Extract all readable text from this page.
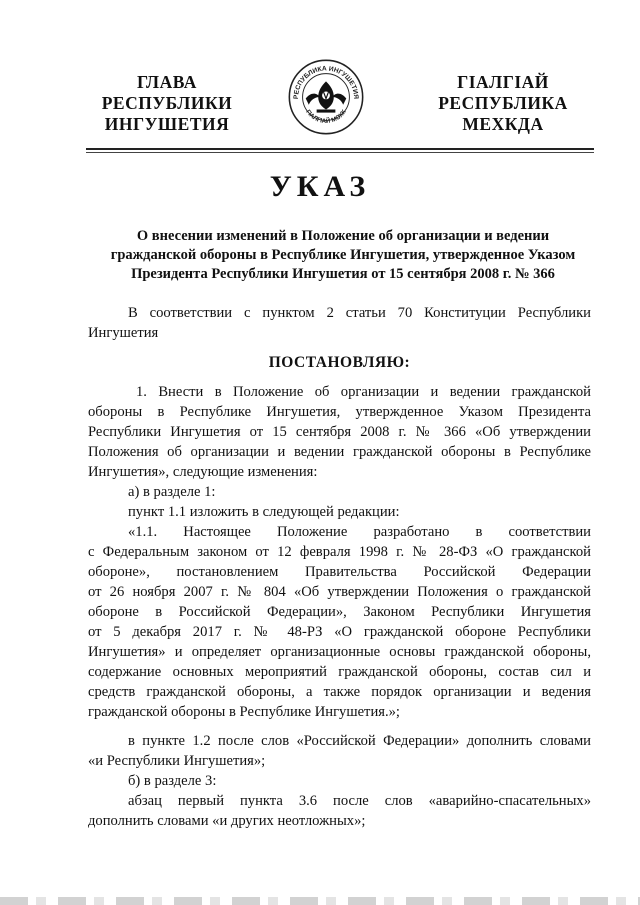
ГЛАВА
РЕСПУБЛИКИ
ИНГУШЕТИЯ
РЕСПУБЛИКА ИНГУШЕТИЯ
ГIАЛГIАЙ МОХК
ГIАЛГIАЙ
РЕСПУБЛИКА
МЕХКДА
УКАЗ
О внесении изменений в Положение об организации и ведении
гражданской обороны в Республике Ингушетия, утвержденное Указом
Президента Республики Ингушетия от 15 сентября 2008 г. № 366
В соответствии с пунктом 2 статьи 70 Конституции Республики
Ингушетия
ПОСТАНОВЛЯЮ:
1. Внести в Положение об организации и ведении гражданской
обороны в Республике Ингушетия, утвержденное Указом Президента
Республики Ингушетия от 15 сентября 2008 г. № 366 «Об утверждении
Положения об организации и ведении гражданской обороны в Республике
Ингушетия», следующие изменения:
а) в разделе 1:
пункт 1.1 изложить в следующей редакции:
«1.1. Настоящее Положение разработано в соответствии
с Федеральным законом от 12 февраля 1998 г. № 28-ФЗ «О гражданской
обороне», постановлением Правительства Российской Федерации
от 26 ноября 2007 г. № 804 «Об утверждении Положения о гражданской
обороне в Российской Федерации», Законом Республики Ингушетия
от 5 декабря 2017 г. № 48-РЗ «О гражданской обороне Республики
Ингушетия» и определяет организационные основы гражданской обороны,
содержание основных мероприятий гражданской обороны, состав сил и
средств гражданской обороны, а также порядок организации и ведения
гражданской обороны в Республике Ингушетия.»;
в пункте 1.2 после слов «Российской Федерации» дополнить словами
«и Республики Ингушетия»;
б) в разделе 3:
абзац первый пункта 3.6 после слов «аварийно-спасательных»
дополнить словами «и других неотложных»;
